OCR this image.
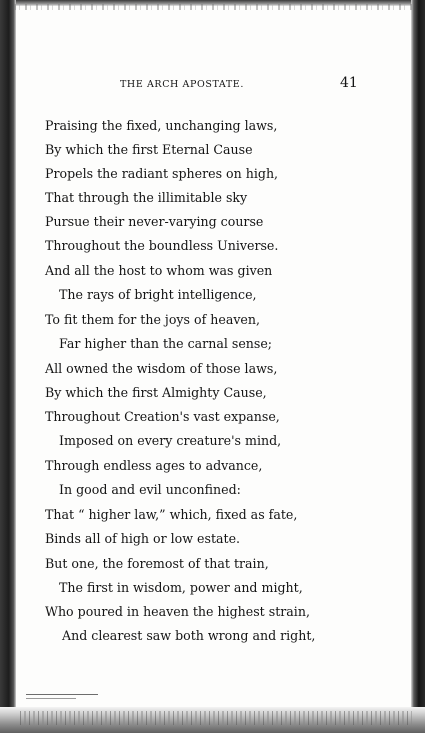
THE ARCH APOSTATE.	41
Praising the fixed, unchanging laws,
By which the first Eternal Cause
Propels the radiant spheres on high,
That through the illimitable sky
Pursue their never-varying course
Throughout the boundless Universe.
And all the host to whom was given
The rays of bright intelligence,
To fit them for the joys of heaven,
Far higher than the carnal sense;
All owned the wisdom of those laws,
By which the first Almighty Cause,
Throughout Creation's vast expanse,
Imposed on every creature's mind,
Through endless ages to advance,
In good and evil unconfined:
That “ higher law,” which, fixed as fate,
Binds all of high or low estate.
But one, the foremost of that train,
The first in wisdom, power and might,
Who poured in heaven the highest strain,
And clearest saw both wrong and right,
